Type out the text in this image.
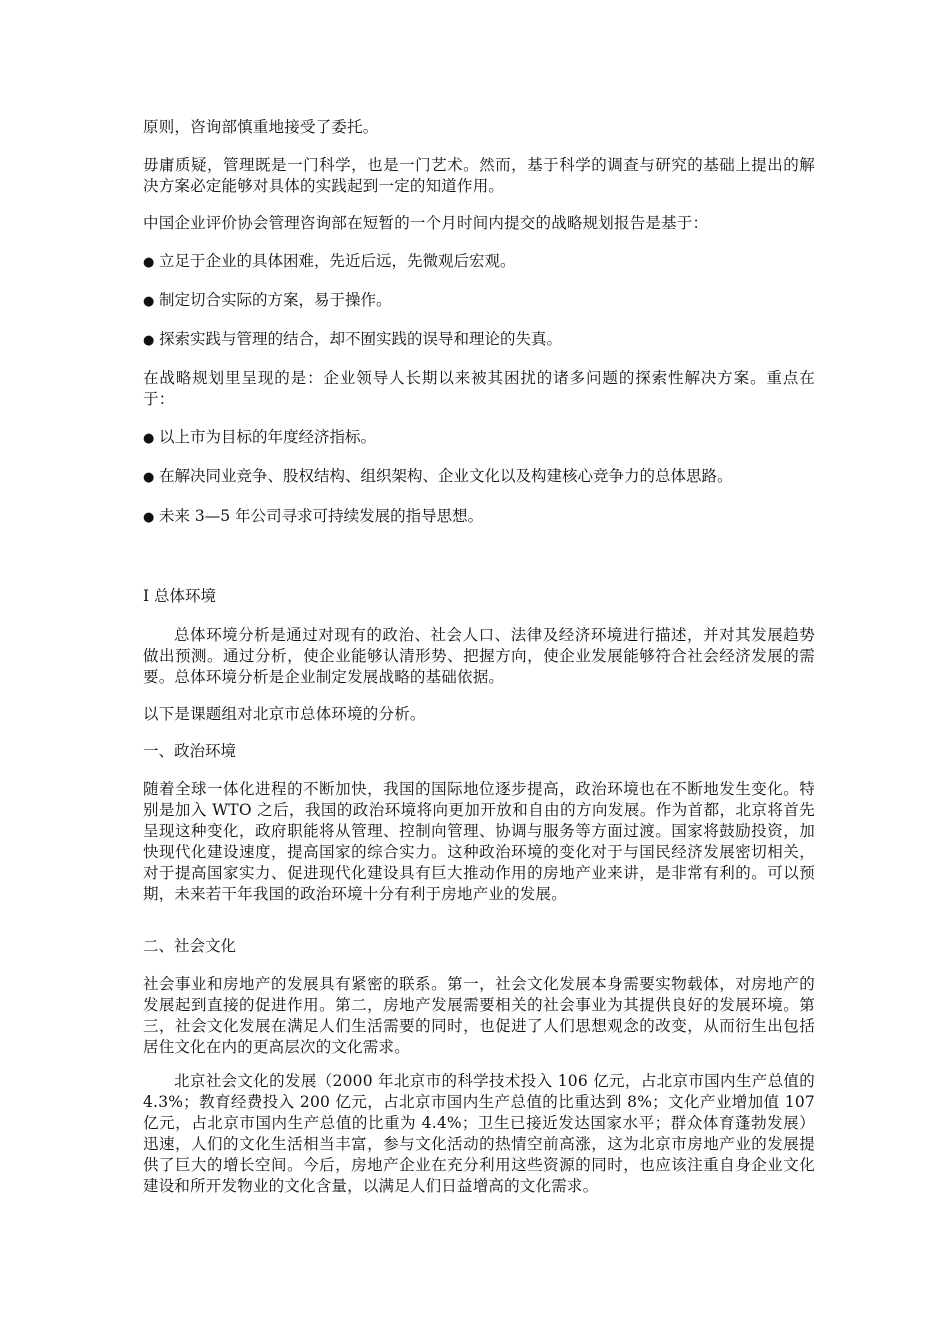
原则，咨询部慎重地接受了委托。

毋庸质疑，管理既是一门科学，也是一门艺术。然而，基于科学的调查与研究的基础上提出的解决方案必定能够对具体的实践起到一定的知道作用。

中国企业评价协会管理咨询部在短暂的一个月时间内提交的战略规划报告是基于：

● 立足于企业的具体困难，先近后远，先微观后宏观。
● 制定切合实际的方案，易于操作。
● 探索实践与管理的结合，却不囿实践的误导和理论的失真。

在战略规划里呈现的是：企业领导人长期以来被其困扰的诸多问题的探索性解决方案。重点在于：

● 以上市为目标的年度经济指标。
● 在解决同业竞争、股权结构、组织架构、企业文化以及构建核心竞争力的总体思路。
● 未来 3—5 年公司寻求可持续发展的指导思想。
I 总体环境

总体环境分析是通过对现有的政治、社会人口、法律及经济环境进行描述，并对其发展趋势做出预测。通过分析，使企业能够认清形势、把握方向，使企业发展能够符合社会经济发展的需要。总体环境分析是企业制定发展战略的基础依据。

以下是课题组对北京市总体环境的分析。

一、政治环境

随着全球一体化进程的不断加快，我国的国际地位逐步提高，政治环境也在不断地发生变化。特别是加入 WTO 之后，我国的政治环境将向更加开放和自由的方向发展。作为首都，北京将首先呈现这种变化，政府职能将从管理、控制向管理、协调与服务等方面过渡。国家将鼓励投资，加快现代化建设速度，提高国家的综合实力。这种政治环境的变化对于与国民经济发展密切相关，对于提高国家实力、促进现代化建设具有巨大推动作用的房地产业来讲，是非常有利的。可以预期，未来若干年我国的政治环境十分有利于房地产业的发展。

二、社会文化

社会事业和房地产的发展具有紧密的联系。第一，社会文化发展本身需要实物载体，对房地产的发展起到直接的促进作用。第二，房地产发展需要相关的社会事业为其提供良好的发展环境。第三，社会文化发展在满足人们生活需要的同时，也促进了人们思想观念的改变，从而衍生出包括居住文化在内的更高层次的文化需求。

北京社会文化的发展（2000 年北京市的科学技术投入 106 亿元，占北京市国内生产总值的 4.3%；教育经费投入 200 亿元，占北京市国内生产总值的比重达到 8%；文化产业增加值 107 亿元，占北京市国内生产总值的比重为 4.4%；卫生已接近发达国家水平；群众体育蓬勃发展）迅速，人们的文化生活相当丰富，参与文化活动的热情空前高涨，这为北京市房地产业的发展提供了巨大的增长空间。今后，房地产企业在充分利用这些资源的同时，也应该注重自身企业文化建设和所开发物业的文化含量，以满足人们日益增高的文化需求。
